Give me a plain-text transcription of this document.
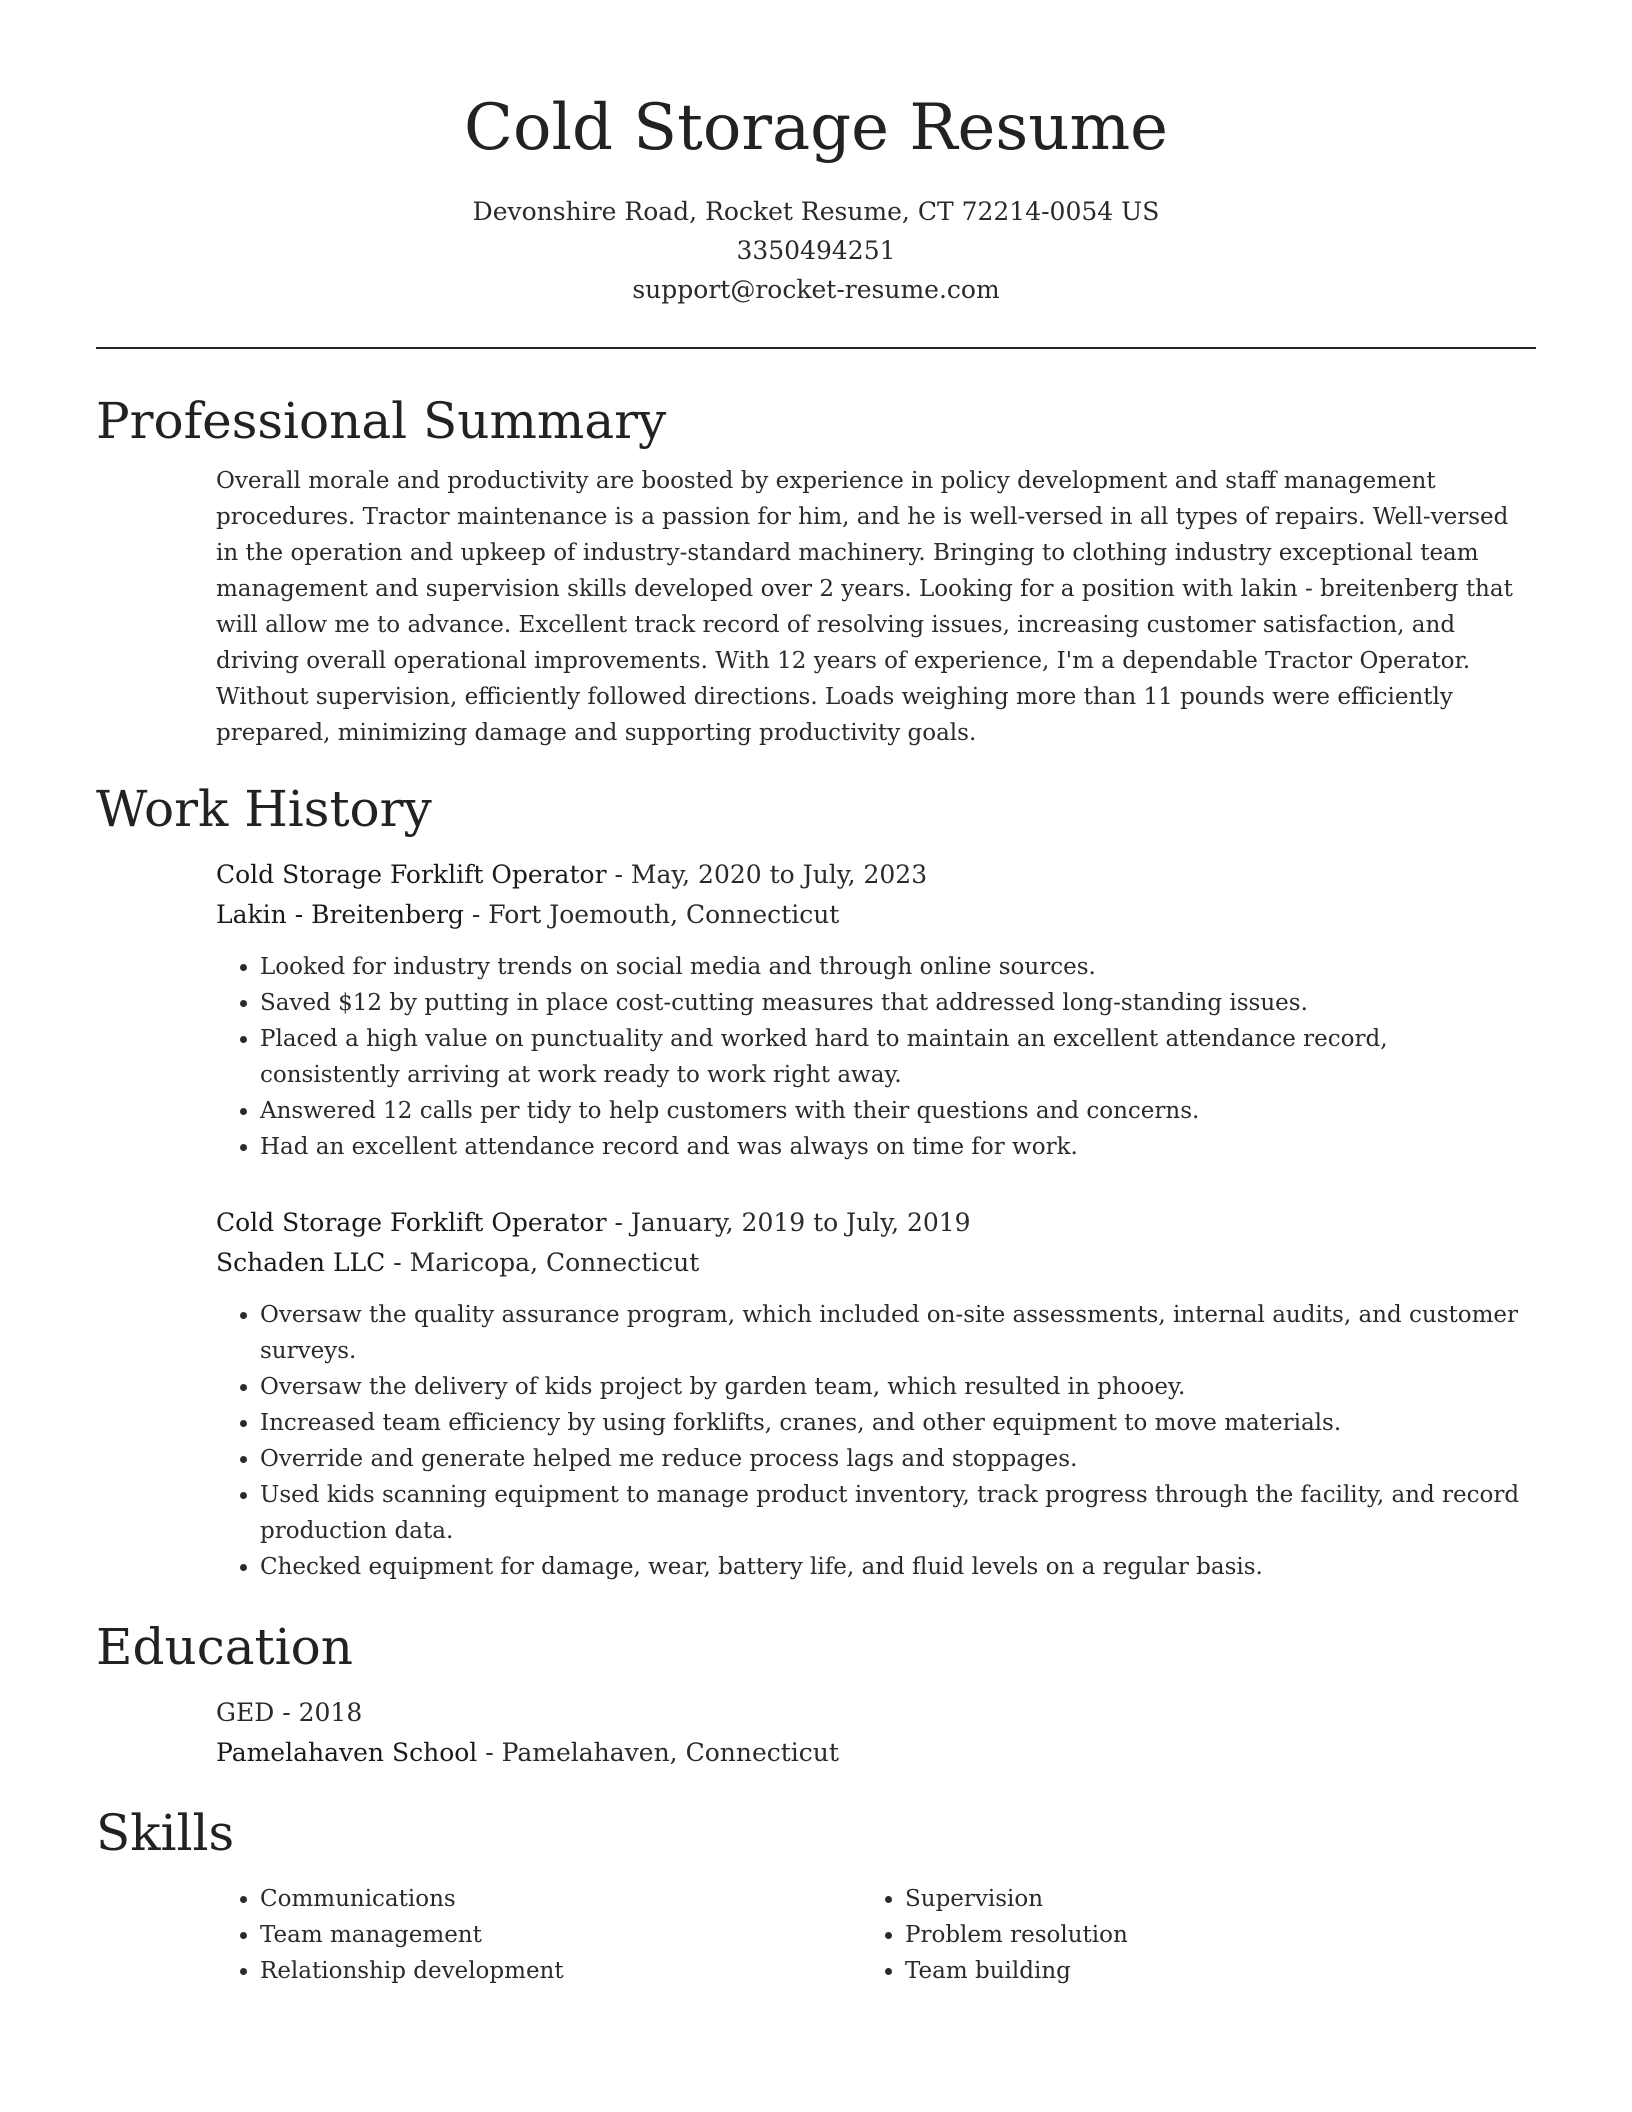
Cold Storage Resume
Devonshire Road, Rocket Resume, CT 72214-0054 US
3350494251
support@rocket-resume.com
Professional Summary

Overall morale and productivity are boosted by experience in policy development and staff management procedures. Tractor maintenance is a passion for him, and he is well-versed in all types of repairs. Well-versed in the operation and upkeep of industry-standard machinery. Bringing to clothing industry exceptional team management and supervision skills developed over 2 years. Looking for a position with lakin - breitenberg that will allow me to advance. Excellent track record of resolving issues, increasing customer satisfaction, and driving overall operational improvements. With 12 years of experience, I'm a dependable Tractor Operator. Without supervision, efficiently followed directions. Loads weighing more than 11 pounds were efficiently prepared, minimizing damage and supporting productivity goals.

Work History
Cold Storage Forklift Operator - May, 2020 to July, 2023
Lakin - Breitenberg - Fort Joemouth, Connecticut
• Looked for industry trends on social media and through online sources.
• Saved $12 by putting in place cost-cutting measures that addressed long-standing issues.
• Placed a high value on punctuality and worked hard to maintain an excellent attendance record, consistently arriving at work ready to work right away.
• Answered 12 calls per tidy to help customers with their questions and concerns.
• Had an excellent attendance record and was always on time for work.
Cold Storage Forklift Operator - January, 2019 to July, 2019
Schaden LLC - Maricopa, Connecticut
• Oversaw the quality assurance program, which included on-site assessments, internal audits, and customer surveys.
• Oversaw the delivery of kids project by garden team, which resulted in phooey.
• Increased team efficiency by using forklifts, cranes, and other equipment to move materials.
• Override and generate helped me reduce process lags and stoppages.
• Used kids scanning equipment to manage product inventory, track progress through the facility, and record production data.
• Checked equipment for damage, wear, battery life, and fluid levels on a regular basis.
Education
GED - 2018
Pamelahaven School - Pamelahaven, Connecticut
Skills
• Communications
• Team management
• Relationship development
• Supervision
• Problem resolution
• Team building
